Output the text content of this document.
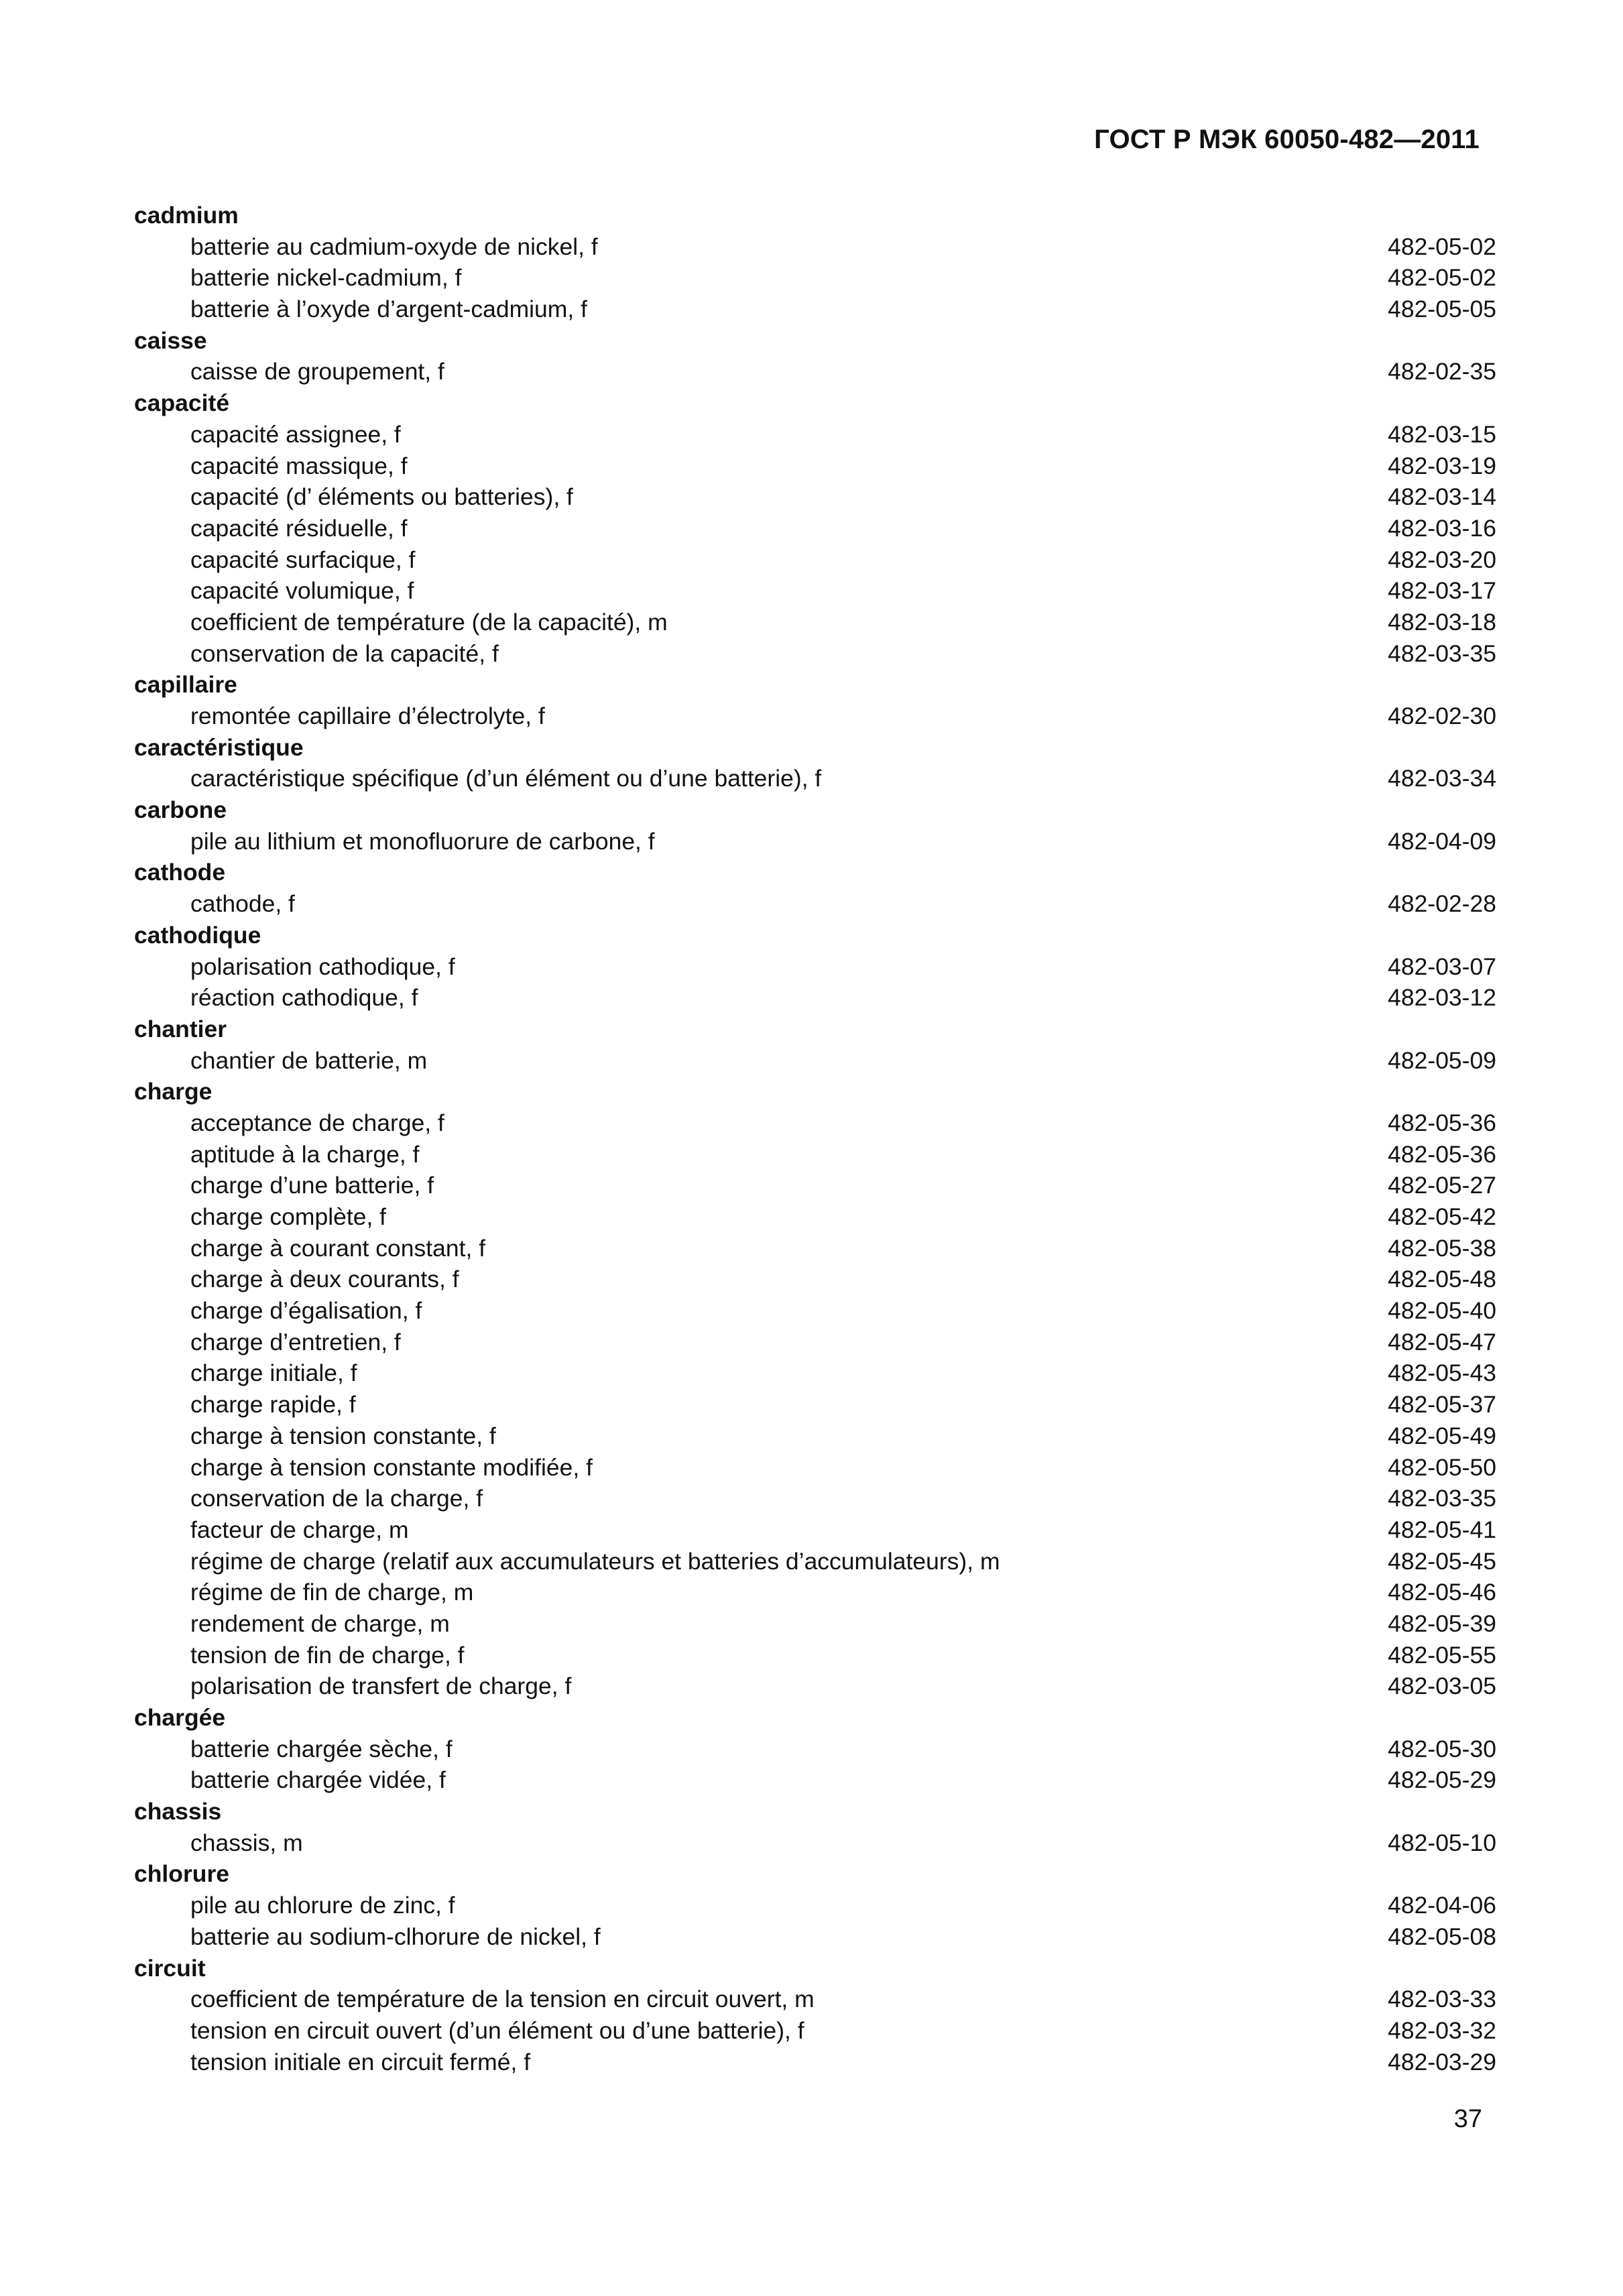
ГОСТ Р МЭК 60050-482—2011
cadmium
batterie au cadmium-oxyde de nickel, f	482-05-02
batterie nickel-cadmium, f	482-05-02
batterie à l’oxyde d’argent-cadmium, f	482-05-05
caisse
caisse de groupement, f	482-02-35
capacité
capacité assignee, f	482-03-15
capacité massique, f	482-03-19
capacité (d’ éléments ou batteries), f	482-03-14
capacité résiduelle, f	482-03-16
capacité surfacique, f	482-03-20
capacité volumique, f	482-03-17
coefficient de température (de la capacité), m	482-03-18
conservation de la capacité, f	482-03-35
capillaire
remontée capillaire d’électrolyte, f	482-02-30
caractéristique
caractéristique spécifique (d’un élément ou d’une batterie), f	482-03-34
carbone
pile au lithium et monofluorure de carbone, f	482-04-09
cathode
cathode, f	482-02-28
cathodique
polarisation cathodique, f	482-03-07
réaction cathodique, f	482-03-12
chantier
chantier de batterie, m	482-05-09
charge
acceptance de charge, f	482-05-36
aptitude à la charge, f	482-05-36
charge d’une batterie, f	482-05-27
charge complète, f	482-05-42
charge à courant constant, f	482-05-38
charge à deux courants, f	482-05-48
charge d’égalisation, f	482-05-40
charge d’entretien, f	482-05-47
charge initiale, f	482-05-43
charge rapide, f	482-05-37
charge à tension constante, f	482-05-49
charge à tension constante modifiée, f	482-05-50
conservation de la charge, f	482-03-35
facteur de charge, m	482-05-41
régime de charge (relatif aux accumulateurs et batteries d’accumulateurs), m	482-05-45
régime de fin de charge, m	482-05-46
rendement de charge, m	482-05-39
tension de fin de charge, f	482-05-55
polarisation de transfert de charge, f	482-03-05
chargée
batterie chargée sèche, f	482-05-30
batterie chargée vidée, f	482-05-29
chassis
chassis, m	482-05-10
chlorure
pile au chlorure de zinc, f	482-04-06
batterie au sodium-clhorure de nickel, f	482-05-08
circuit
coefficient de température de la tension en circuit ouvert, m	482-03-33
tension en circuit ouvert (d’un élément ou d’une batterie), f	482-03-32
tension initiale en circuit fermé, f	482-03-29
37
